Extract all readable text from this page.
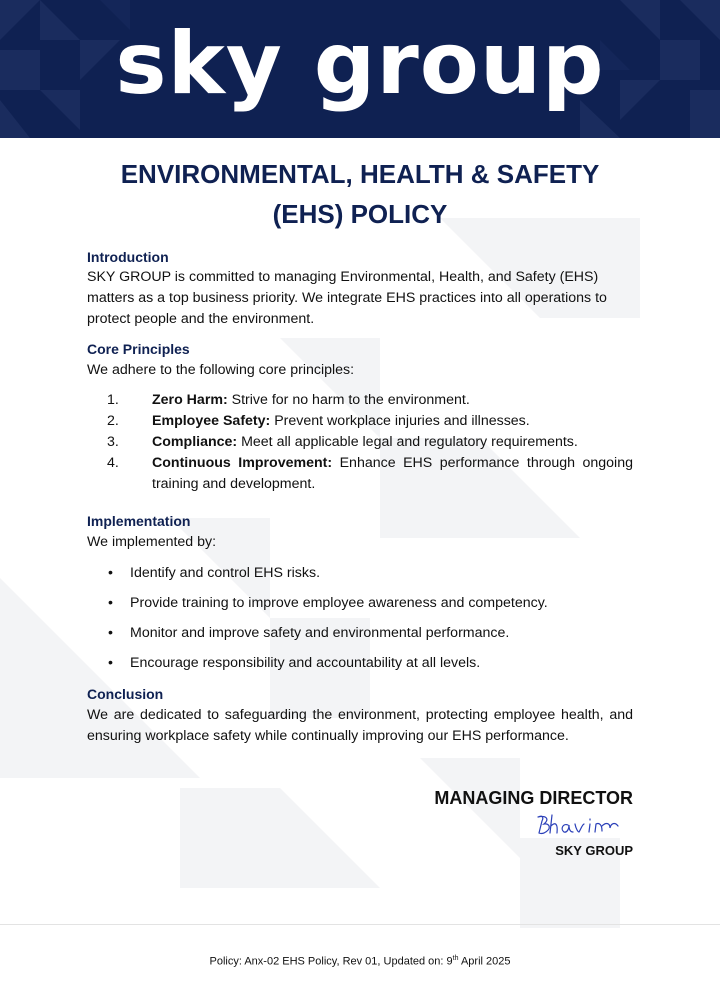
sky group
ENVIRONMENTAL, HEALTH & SAFETY
(EHS) POLICY
Introduction

SKY GROUP is committed to managing Environmental, Health, and Safety (EHS) matters as a top business priority. We integrate EHS practices into all operations to protect people and the environment.

Core Principles

We adhere to the following core principles:

1.	Zero Harm: Strive for no harm to the environment.
2.	Employee Safety: Prevent workplace injuries and illnesses.
3.	Compliance: Meet all applicable legal and regulatory requirements.
4.	Continuous Improvement: Enhance EHS performance through ongoing training and development.
Implementation

We implemented by:

•	Identify and control EHS risks.
•	Provide training to improve employee awareness and competency.
•	Monitor and improve safety and environmental performance.
•	Encourage responsibility and accountability at all levels.
Conclusion

We are dedicated to safeguarding the environment, protecting employee health, and ensuring workplace safety while continually improving our EHS performance.

MANAGING DIRECTOR
SKY GROUP
Policy: Anx-02 EHS Policy, Rev 01, Updated on: 9th April 2025
